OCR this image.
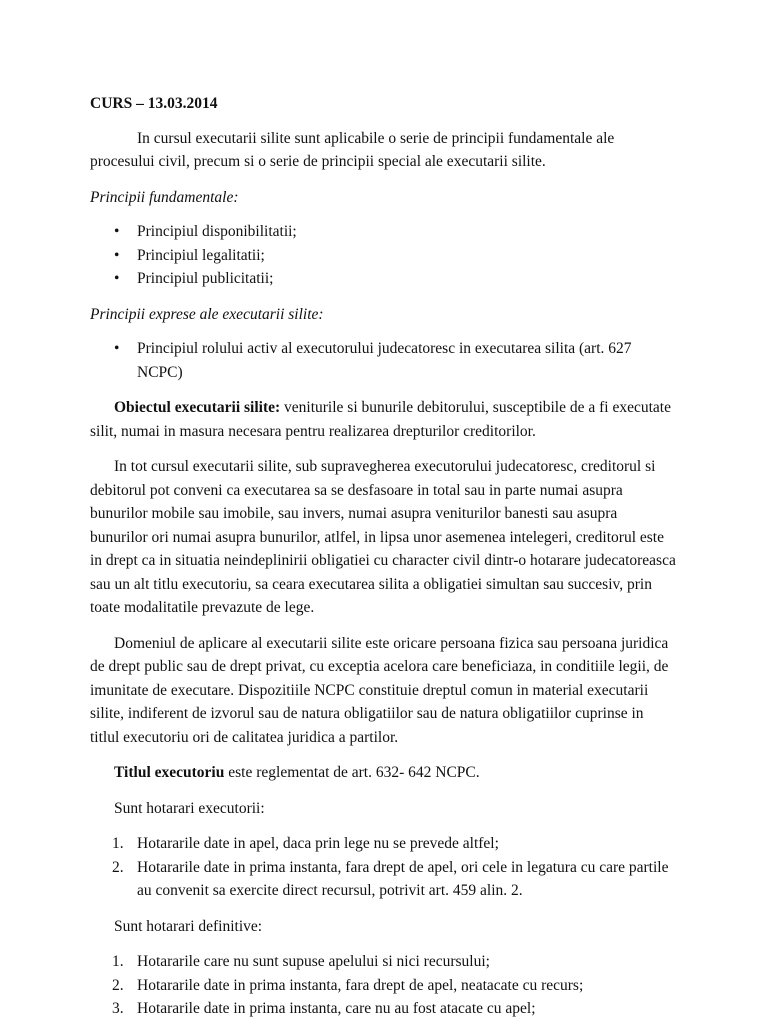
CURS – 13.03.2014

In cursul executarii silite sunt aplicabile o serie de principii fundamentale ale procesului civil, precum si o serie de principii special ale executarii silite.

Principii fundamentale:

• Principiul disponibilitatii;
• Principiul legalitatii;
• Principiul publicitatii;

Principii exprese ale executarii silite:

• Principiul rolului activ al executorului judecatoresc in executarea silita (art. 627 NCPC)

Obiectul executarii silite: veniturile si bunurile debitorului, susceptibile de a fi executate silit, numai in masura necesara pentru realizarea drepturilor creditorilor.

In tot cursul executarii silite, sub supravegherea executorului judecatoresc, creditorul si debitorul pot conveni ca executarea sa se desfasoare in total sau in parte numai asupra bunurilor mobile sau imobile, sau invers, numai asupra veniturilor banesti sau asupra bunurilor ori numai asupra bunurilor, atlfel, in lipsa unor asemenea intelegeri, creditorul este in drept ca in situatia neindeplinirii obligatiei cu character civil dintr-o hotarare judecatoreasca sau un alt titlu executoriu, sa ceara executarea silita a obligatiei simultan sau succesiv, prin toate modalitatile prevazute de lege.

Domeniul de aplicare al executarii silite este oricare persoana fizica sau persoana juridica de drept public sau de drept privat, cu exceptia acelora care beneficiaza, in conditiile legii, de imunitate de executare. Dispozitiile NCPC constituie dreptul comun in material executarii silite, indiferent de izvorul sau de natura obligatiilor sau de natura obligatiilor cuprinse in titlul executoriu ori de calitatea juridica a partilor.

Titlul executoriu este reglementat de art. 632- 642 NCPC.

Sunt hotarari executorii:

1. Hotararile date in apel, daca prin lege nu se prevede altfel;
2. Hotararile date in prima instanta, fara drept de apel, ori cele in legatura cu care partile au convenit sa exercite direct recursul, potrivit art. 459 alin. 2.

Sunt hotarari definitive:

1. Hotararile care nu sunt supuse apelului si nici recursului;
2. Hotararile date in prima instanta, fara drept de apel, neatacate cu recurs;
3. Hotararile date in prima instanta, care nu au fost atacate cu apel;
